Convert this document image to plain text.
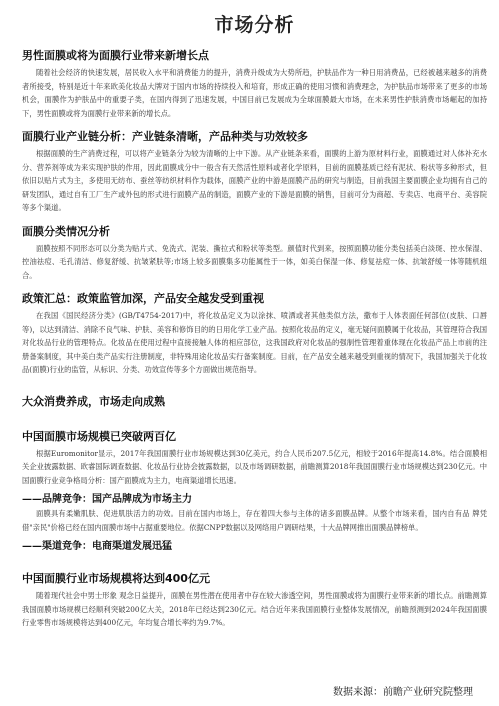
市场分析
男性面膜或将为面膜行业带来新增长点

随着社会经济的快速发展，居民收入水平和消费能力的提升，消费升级成为大势所趋，护肤品作为一种日用消费品，已经被越来越多的消费者所接受，特别是近十年来欧美化妆品大牌对于国内市场的持续投入和培育，形成正确的使用习惯和消费理念，为护肤品市场带来了更多的市场机会，面膜作为护肤品中的重要子类，在国内得到了迅速发展，中国目前已发展成为全球面膜最大市场，在未来男性护肤消费市场崛起的加持下，男性面膜或将为面膜行业带来新的增长点。

面膜行业产业链分析：产业链条清晰，产品种类与功效较多

根据面膜的生产消费过程，可以将产业链条分为较为清晰的上中下游。从产业链条来看，面膜的上游为原材料行业，面膜通过对人体补充水分、营养剂等成为来实现护肤的作用，因此面膜成分中一般含有天然活性原料或者化学原料，目前的面膜基质已经有泥状、粉状等多种形式，但依旧以贴片式为主，多使用无纺布、蚕丝等纺织材料作为载体，面膜产业的中游是面膜产品的研究与制造，目前我国主要面膜企业均拥有自己的研发团队，通过自有工厂生产或外包的形式进行面膜产品的制造，面膜产业的下游是面膜的销售，目前可分为商超、专卖店、电商平台、美容院等多个渠道。

面膜分类情况分析

面膜按照不同形态可以分类为贴片式、免洗式、泥装、撕拉式和粉状等类型。颜值时代到来，按照面膜功能分类包括美白淡斑、控水保湿、控油祛痘、毛孔清洁、修复舒缓、抗皱紧肤等;市场上较多面膜集多功能属性于一体，如美白保湿一体、修复祛痘一体、抗皱舒缓一体等随机组合。

政策汇总：政策监管加深，产品安全越发受到重视

在我国《国民经济分类》(GB/T4754-2017)中，将化妆品定义为以涂抹、喷洒或者其他类似方法，撒布于人体表面任何部位(皮肤、口唇等)，以达到清洁、消除不良气味、护肤、美容和修饰目的的日用化学工业产品。按照化妆品的定义，毫无疑问面膜属于化妆品，其管理符合我国对化妆品行业的管理特点。化妆品在使用过程中直接接触人体的相应部位，这我国政府对化妆品的强制性管理着重体现在化妆品产品上市前的注册备案制度，其中美白类产品实行注册制度，非特殊用途化妆品实行备案制度。目前，在产品安全越来越受到重视的情况下，我国加强关于化妆品(面膜)行业的监管，从标识、分类、功效宣传等多个方面做出规范指导。

大众消费养成，市场走向成熟
中国面膜市场规模已突破两百亿

根据Euromonitor显示，2017年我国面膜行业市场规模达到30亿美元，约合人民币207.5亿元，相较于2016年提高14.8%。结合面膜相关企业披露数据、欧睿国际调查数据、化妆品行业协会披露数据，以及市场调研数据，前瞻测算2018年我国面膜行业市场规模达到230亿元。中国面膜行业竞争格局分析：国产面膜成为主力，电商渠道增长迅速。

——品牌竞争：国产品牌成为市场主力

面膜具有柔嫩肌肤、促进肌肤活力的功效。目前在国内市场上，存在着四大参与主体的诸多面膜品牌。从整个市场来看，国内自有品 牌凭借"亲民"价格已经在国内面膜市场中占据重要地位。依据CNPP数据以及网络用户调研结果，十大品牌网推出面膜品牌榜单。

——渠道竞争：电商渠道发展迅猛
中国面膜行业市场规模将达到400亿元

随着现代社会中男士形象 观念日益提升，面膜在男性潜在使用者中存在较大渗透空间，男性面膜或将为面膜行业带来新的增长点。前瞻测算我国面膜市场规模已经顺利突破200亿大关，2018年已经达到230亿元。结合近年来我国面膜行业整体发展情况，前瞻预测到2024年我国面膜行业零售市场规模将达到400亿元，年均复合增长率约为9.7%。

数据来源：前瞻产业研究院整理
